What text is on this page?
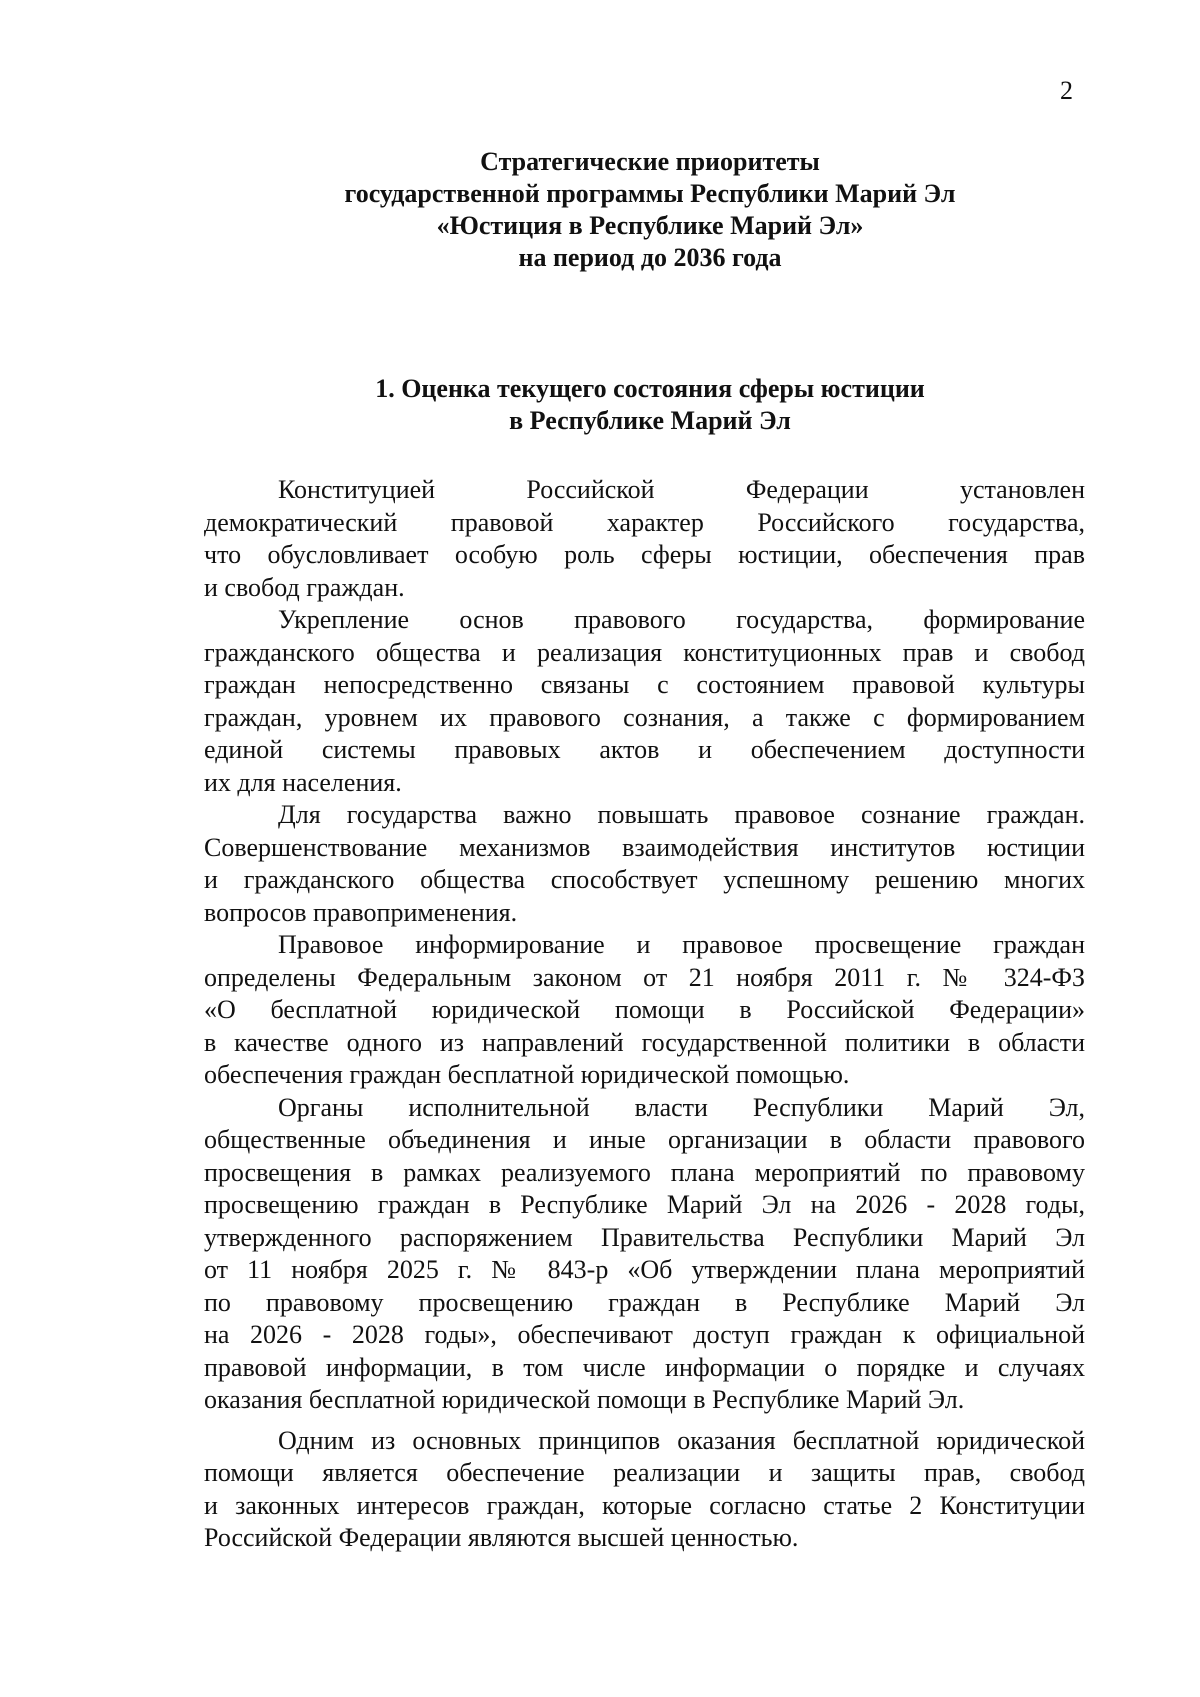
2
Стратегические приоритеты
государственной программы Республики Марий Эл
«Юстиция в Республике Марий Эл»
на период до 2036 года
1. Оценка текущего состояния сферы юстиции
в Республике Марий Эл
Конституцией Российской Федерации установлен
демократический правовой характер Российского государства,
что обусловливает особую роль сферы юстиции, обеспечения прав
и свобод граждан.
Укрепление основ правового государства, формирование
гражданского общества и реализация конституционных прав и свобод
граждан непосредственно связаны с состоянием правовой культуры
граждан, уровнем их правового сознания, а также с формированием
единой системы правовых актов и обеспечением доступности
их для населения.
Для государства важно повышать правовое сознание граждан.
Совершенствование механизмов взаимодействия институтов юстиции
и гражданского общества способствует успешному решению многих
вопросов правоприменения.
Правовое информирование и правовое просвещение граждан
определены Федеральным законом от 21 ноября 2011 г. № 324-ФЗ
«О бесплатной юридической помощи в Российской Федерации»
в качестве одного из направлений государственной политики в области
обеспечения граждан бесплатной юридической помощью.
Органы исполнительной власти Республики Марий Эл,
общественные объединения и иные организации в области правового
просвещения в рамках реализуемого плана мероприятий по правовому
просвещению граждан в Республике Марий Эл на 2026 - 2028 годы,
утвержденного распоряжением Правительства Республики Марий Эл
от 11 ноября 2025 г. № 843-р «Об утверждении плана мероприятий
по правовому просвещению граждан в Республике Марий Эл
на 2026 - 2028 годы», обеспечивают доступ граждан к официальной
правовой информации, в том числе информации о порядке и случаях
оказания бесплатной юридической помощи в Республике Марий Эл.
Одним из основных принципов оказания бесплатной юридической
помощи является обеспечение реализации и защиты прав, свобод
и законных интересов граждан, которые согласно статье 2 Конституции
Российской Федерации являются высшей ценностью.
